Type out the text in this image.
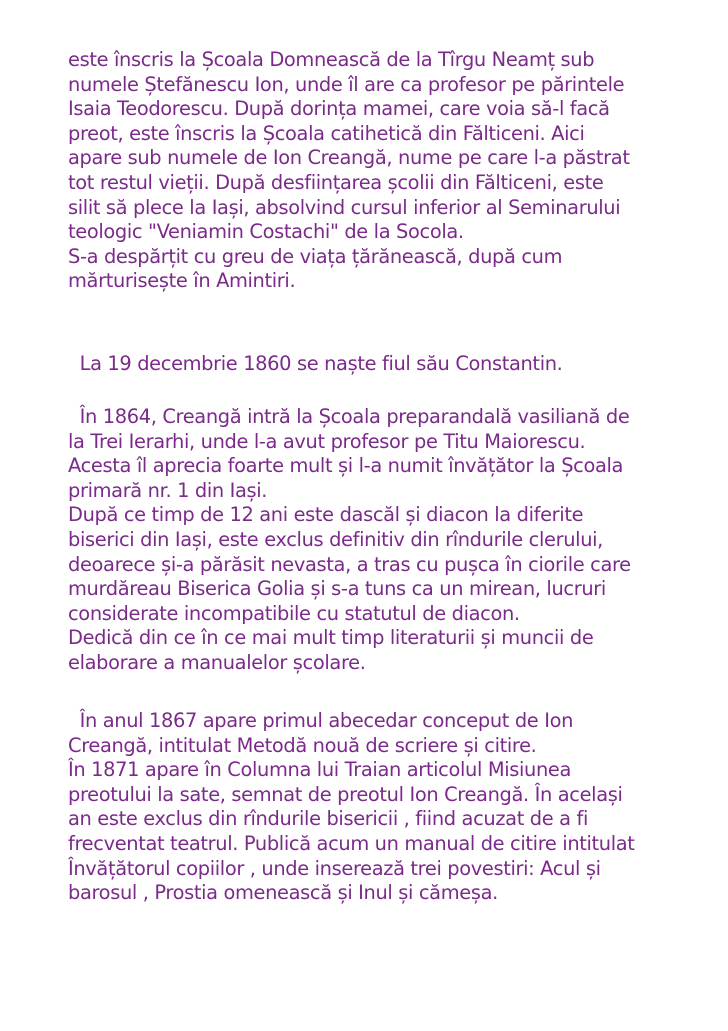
este înscris la Școala Domnească de la Tîrgu Neamț sub
numele Ștefănescu Ion, unde îl are ca profesor pe părintele
Isaia Teodorescu. După dorința mamei, care voia să-l facă
preot, este înscris la Școala catihetică din Fălticeni. Aici
apare sub numele de Ion Creangă, nume pe care l-a păstrat
tot restul vieții. După desființarea școlii din Fălticeni, este
silit să plece la Iași, absolvind cursul inferior al Seminarului
teologic "Veniamin Costachi" de la Socola.
S-a despărțit cu greu de viața țărănească, după cum
mărturisește în Amintiri.
La 19 decembrie 1860 se naște fiul său Constantin.
În 1864, Creangă intră la Școala preparandală vasiliană de
la Trei Ierarhi, unde l-a avut profesor pe Titu Maiorescu.
Acesta îl aprecia foarte mult și l-a numit învățător la Școala
primară nr. 1 din Iași.
După ce timp de 12 ani este dascăl și diacon la diferite
biserici din Iași, este exclus definitiv din rîndurile clerului,
deoarece și-a părăsit nevasta, a tras cu pușca în ciorile care
murdăreau Biserica Golia și s-a tuns ca un mirean, lucruri
considerate incompatibile cu statutul de diacon.
Dedică din ce în ce mai mult timp literaturii și muncii de
elaborare a manualelor școlare.
În anul 1867 apare primul abecedar conceput de Ion
Creangă, intitulat Metodă nouă de scriere și citire.
În 1871 apare în Columna lui Traian articolul Misiunea
preotului la sate, semnat de preotul Ion Creangă. În același
an este exclus din rîndurile bisericii , fiind acuzat de a fi
frecventat teatrul. Publică acum un manual de citire intitulat
Învățătorul copiilor , unde inserează trei povestiri: Acul și
barosul , Prostia omenească și Inul și cămeșa.
